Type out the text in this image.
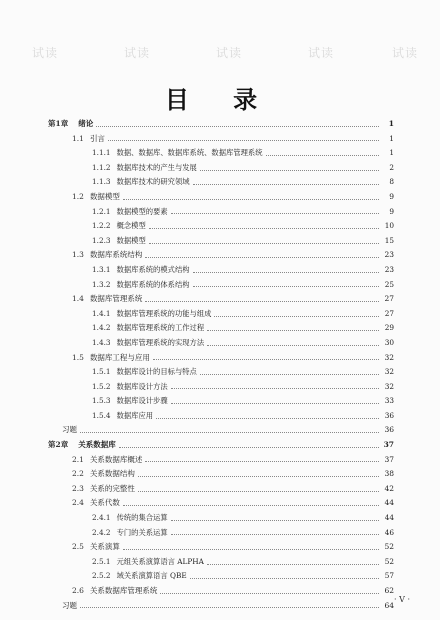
试读	试读	试读	试读	试读
目 录
第1章 绪论	1
1.1 引言	1
1.1.1 数据、数据库、数据库系统、数据库管理系统	1
1.1.2 数据库技术的产生与发展	2
1.1.3 数据库技术的研究领域	8
1.2 数据模型	9
1.2.1 数据模型的要素	9
1.2.2 概念模型	10
1.2.3 数据模型	15
1.3 数据库系统结构	23
1.3.1 数据库系统的模式结构	23
1.3.2 数据库系统的体系结构	25
1.4 数据库管理系统	27
1.4.1 数据库管理系统的功能与组成	27
1.4.2 数据库管理系统的工作过程	29
1.4.3 数据库管理系统的实现方法	30
1.5 数据库工程与应用	32
1.5.1 数据库设计的目标与特点	32
1.5.2 数据库设计方法	32
1.5.3 数据库设计步骤	33
1.5.4 数据库应用	36
习题	36
第2章 关系数据库	37
2.1 关系数据库概述	37
2.2 关系数据结构	38
2.3 关系的完整性	42
2.4 关系代数	44
2.4.1 传统的集合运算	44
2.4.2 专门的关系运算	46
2.5 关系演算	52
2.5.1 元组关系演算语言 ALPHA	52
2.5.2 域关系演算语言 QBE	57
2.6 关系数据库管理系统	62
习题	64
· Ⅴ ·
